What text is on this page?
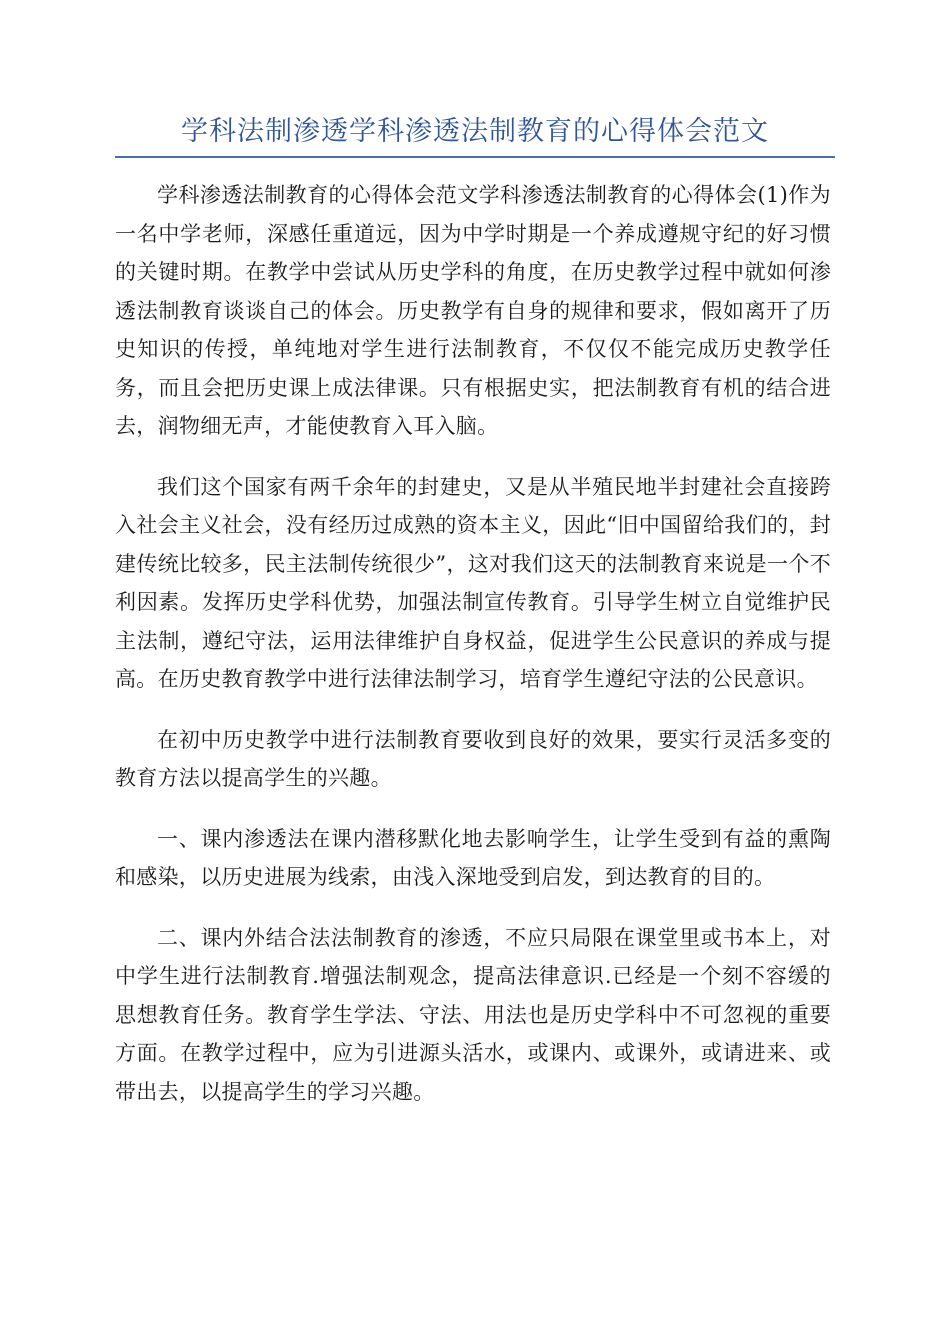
学科法制渗透学科渗透法制教育的心得体会范文

学科渗透法制教育的心得体会范文学科渗透法制教育的心得体会(1)作为一名中学老师，深感任重道远，因为中学时期是一个养成遵规守纪的好习惯的关键时期。在教学中尝试从历史学科的角度，在历史教学过程中就如何渗透法制教育谈谈自己的体会。历史教学有自身的规律和要求，假如离开了历史知识的传授，单纯地对学生进行法制教育，不仅仅不能完成历史教学任务，而且会把历史课上成法律课。只有根据史实，把法制教育有机的结合进去，润物细无声，才能使教育入耳入脑。

我们这个国家有两千余年的封建史，又是从半殖民地半封建社会直接跨入社会主义社会，没有经历过成熟的资本主义，因此“旧中国留给我们的，封建传统比较多，民主法制传统很少”，这对我们这天的法制教育来说是一个不利因素。发挥历史学科优势，加强法制宣传教育。引导学生树立自觉维护民主法制，遵纪守法，运用法律维护自身权益，促进学生公民意识的养成与提高。在历史教育教学中进行法律法制学习，培育学生遵纪守法的公民意识。

在初中历史教学中进行法制教育要收到良好的效果，要实行灵活多变的教育方法以提高学生的兴趣。

一、课内渗透法在课内潜移默化地去影响学生，让学生受到有益的熏陶和感染，以历史进展为线索，由浅入深地受到启发，到达教育的目的。

二、课内外结合法法制教育的渗透，不应只局限在课堂里或书本上，对中学生进行法制教育.增强法制观念，提高法律意识.已经是一个刻不容缓的思想教育任务。教育学生学法、守法、用法也是历史学科中不可忽视的重要方面。在教学过程中，应为引进源头活水，或课内、或课外，或请进来、或带出去，以提高学生的学习兴趣。
